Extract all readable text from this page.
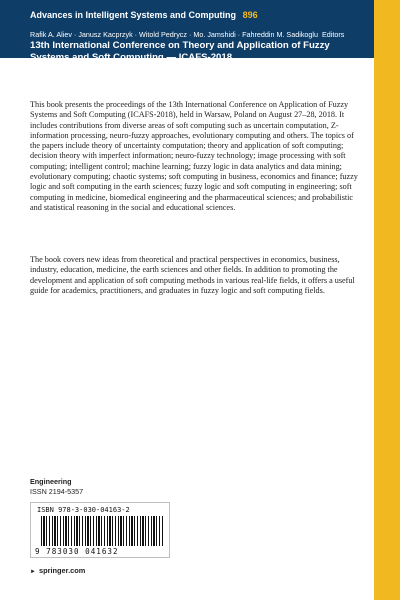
Advances in Intelligent Systems and Computing 896
Rafik A. Aliev · Janusz Kacprzyk · Witold Pedrycz · Mo. Jamshidi · Fahreddin M. Sadikoglu Editors
13th International Conference on Theory and Application of Fuzzy Systems and Soft Computing — ICAFS-2018
This book presents the proceedings of the 13th International Conference on Application of Fuzzy Systems and Soft Computing (ICAFS-2018), held in Warsaw, Poland on August 27–28, 2018. It includes contributions from diverse areas of soft computing such as uncertain computation, Z-information processing, neuro-fuzzy approaches, evolutionary computing and others. The topics of the papers include theory of uncertainty computation; theory and application of soft computing; decision theory with imperfect information; neuro-fuzzy technology; image processing with soft computing; intelligent control; machine learning; fuzzy logic in data analytics and data mining; evolutionary computing; chaotic systems; soft computing in business, economics and finance; fuzzy logic and soft computing in the earth sciences; fuzzy logic and soft computing in engineering; soft computing in medicine, biomedical engineering and the pharmaceutical sciences; and probabilistic and statistical reasoning in the social and educational sciences.
The book covers new ideas from theoretical and practical perspectives in economics, business, industry, education, medicine, the earth sciences and other fields. In addition to promoting the development and application of soft computing methods in various real-life fields, it offers a useful guide for academics, practitioners, and graduates in fuzzy logic and soft computing fields.
Engineering
ISSN 2194-5357
ISBN 978-3-030-04163-2
9 783030 041632
► springer.com
